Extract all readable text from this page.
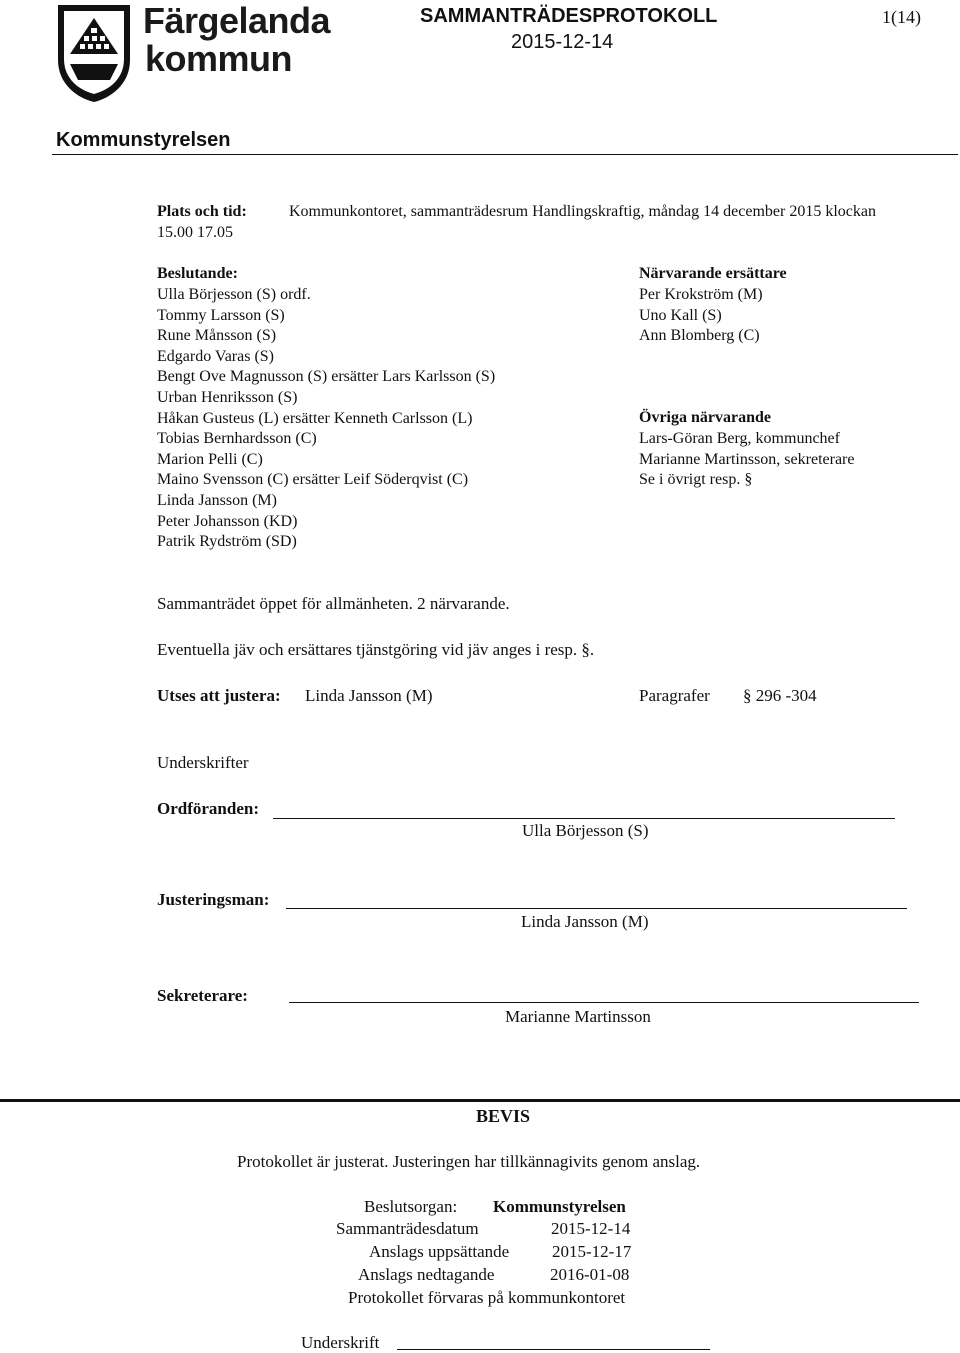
Färgelanda
kommun
SAMMANTRÄDESPROTOKOLL
2015-12-14
1(14)
Kommunstyrelsen
Plats och tid:	Kommunkontoret, sammanträdesrum Handlingskraftig, måndag 14 december 2015 klockan
15.00 17.05
Beslutande:
Ulla Börjesson (S) ordf.
Tommy Larsson (S)
Rune Månsson (S)
Edgardo Varas (S)
Bengt Ove Magnusson (S) ersätter Lars Karlsson (S)
Urban Henriksson (S)
Håkan Gusteus (L) ersätter Kenneth Carlsson (L)
Tobias Bernhardsson (C)
Marion Pelli (C)
Maino Svensson (C) ersätter Leif Söderqvist (C)
Linda Jansson (M)
Peter Johansson (KD)
Patrik Rydström (SD)
Närvarande ersättare
Per Krokström (M)
Uno Kall (S)
Ann Blomberg (C)
Övriga närvarande
Lars-Göran Berg, kommunchef
Marianne Martinsson, sekreterare
Se i övrigt resp. §
Sammanträdet öppet för allmänheten. 2 närvarande.
Eventuella jäv och ersättares tjänstgöring vid jäv anges i resp. §.
Utses att justera: Linda Jansson (M)	Paragrafer § 296 -304
Underskrifter
Ordföranden:
Ulla Börjesson (S)
Justeringsman:
Linda Jansson (M)
Sekreterare:
Marianne Martinsson
BEVIS
Protokollet är justerat. Justeringen har tillkännagivits genom anslag.
Beslutsorgan: Kommunstyrelsen
Sammanträdesdatum	2015-12-14
Anslags uppsättande	2015-12-17
Anslags nedtagande	2016-01-08
Protokollet förvaras på kommunkontoret
Underskrift
